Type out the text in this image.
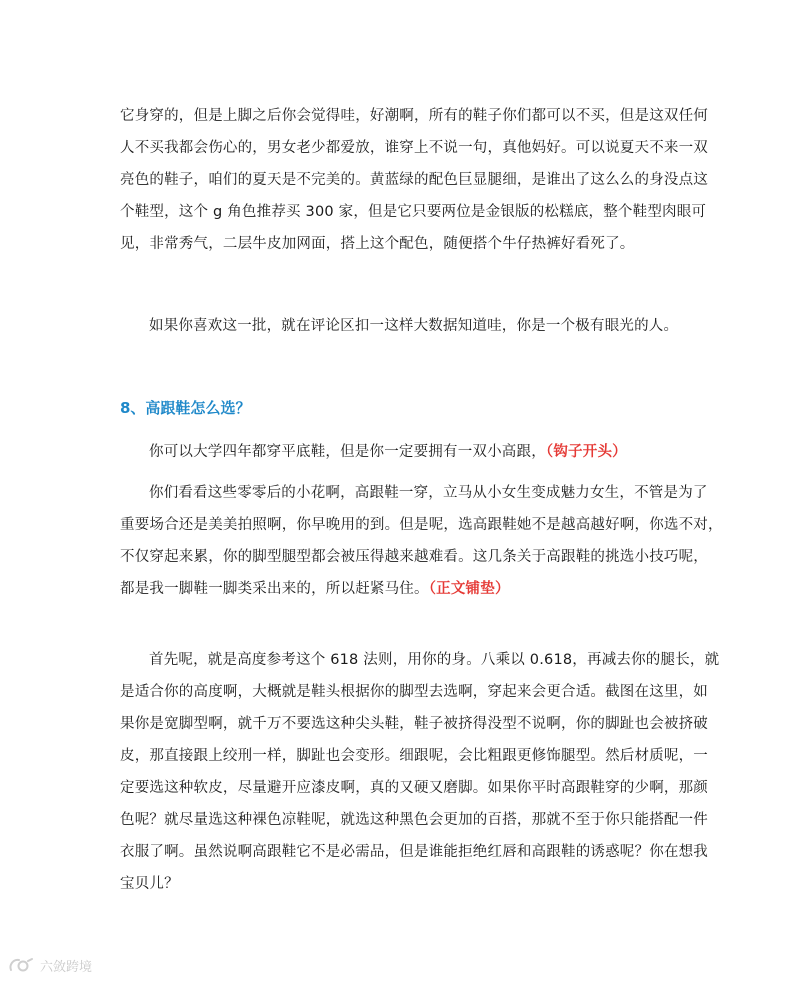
它身穿的，但是上脚之后你会觉得哇，好潮啊，所有的鞋子你们都可以不买，但是这双任何
人不买我都会伤心的，男女老少都爱放，谁穿上不说一句，真他妈好。可以说夏天不来一双
亮色的鞋子，咱们的夏天是不完美的。黄蓝绿的配色巨显腿细，是谁出了这么么的身没点这
个鞋型，这个 g 角色推荐买 300 家，但是它只要两位是金银版的松糕底，整个鞋型肉眼可
见，非常秀气，二层牛皮加网面，搭上这个配色，随便搭个牛仔热裤好看死了。

如果你喜欢这一批，就在评论区扣一这样大数据知道哇，你是一个极有眼光的人。

8、高跟鞋怎么选？

你可以大学四年都穿平底鞋，但是你一定要拥有一双小高跟，（钩子开头）

你们看看这些零零后的小花啊，高跟鞋一穿，立马从小女生变成魅力女生，不管是为了
重要场合还是美美拍照啊，你早晚用的到。但是呢，选高跟鞋她不是越高越好啊，你选不对，
不仅穿起来累，你的脚型腿型都会被压得越来越难看。这几条关于高跟鞋的挑选小技巧呢，
都是我一脚鞋一脚类采出来的，所以赶紧马住。（正文铺垫）

首先呢，就是高度参考这个 618 法则，用你的身。八乘以 0.618，再减去你的腿长，就
是适合你的高度啊，大概就是鞋头根据你的脚型去选啊，穿起来会更合适。截图在这里，如
果你是宽脚型啊，就千万不要选这种尖头鞋，鞋子被挤得没型不说啊，你的脚趾也会被挤破
皮，那直接跟上绞刑一样，脚趾也会变形。细跟呢，会比粗跟更修饰腿型。然后材质呢，一
定要选这种软皮，尽量避开应漆皮啊，真的又硬又磨脚。如果你平时高跟鞋穿的少啊，那颜
色呢？就尽量选这种裸色凉鞋呢，就选这种黑色会更加的百搭，那就不至于你只能搭配一件
衣服了啊。虽然说啊高跟鞋它不是必需品，但是谁能拒绝红唇和高跟鞋的诱惑呢？你在想我
宝贝儿？

六敛跨境
